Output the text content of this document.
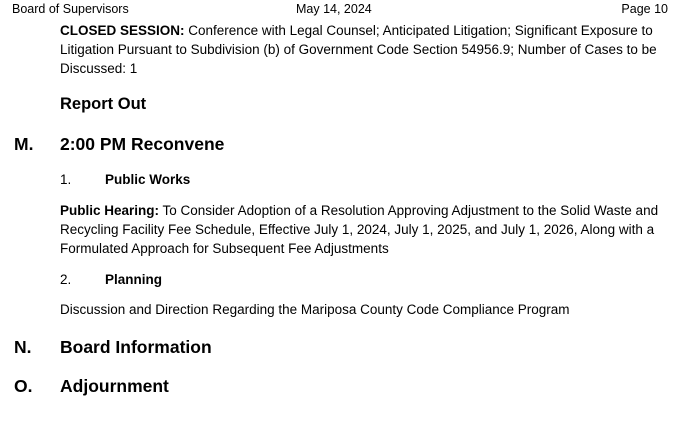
Board of Supervisors	May 14, 2024	Page 10
CLOSED SESSION: Conference with Legal Counsel; Anticipated Litigation; Significant Exposure to Litigation Pursuant to Subdivision (b) of Government Code Section 54956.9; Number of Cases to be Discussed: 1
Report Out
M. 2:00 PM Reconvene
1. Public Works
Public Hearing: To Consider Adoption of a Resolution Approving Adjustment to the Solid Waste and Recycling Facility Fee Schedule, Effective July 1, 2024, July 1, 2025, and July 1, 2026, Along with a Formulated Approach for Subsequent Fee Adjustments
2. Planning
Discussion and Direction Regarding the Mariposa County Code Compliance Program
N. Board Information
O. Adjournment
